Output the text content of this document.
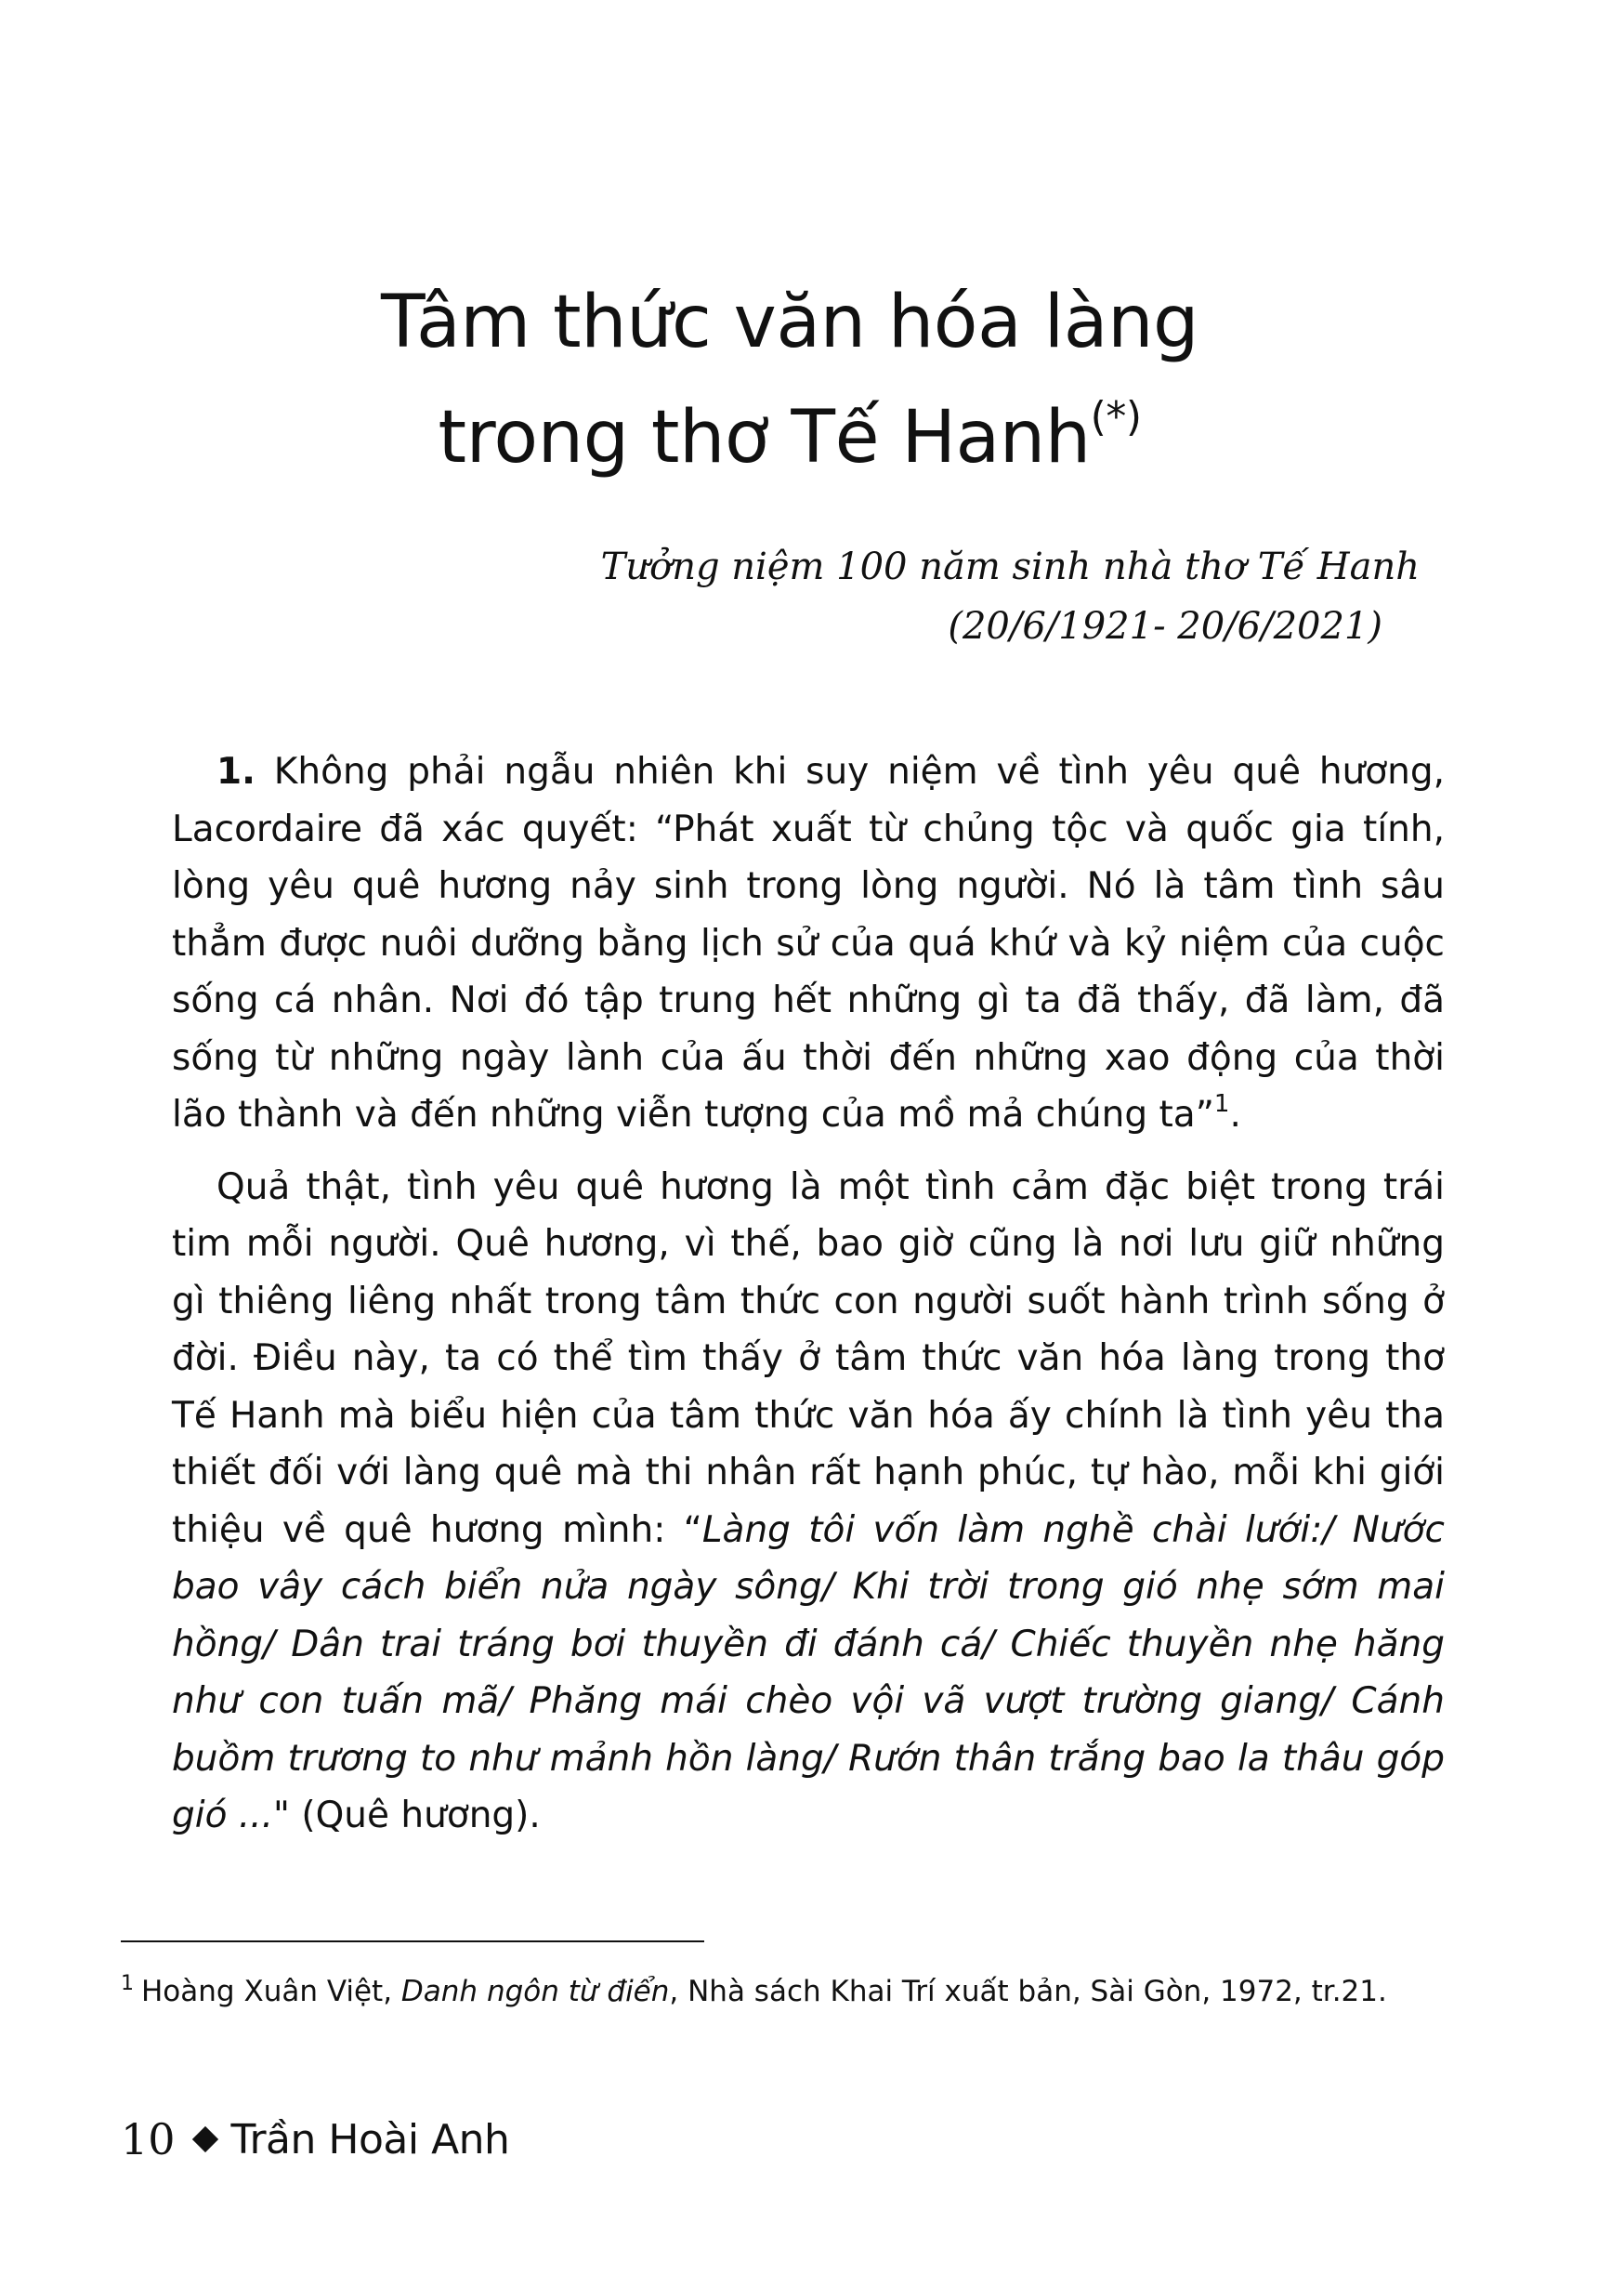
Tâm thức văn hóa làng
trong thơ Tế Hanh(*)
Tưởng niệm 100 năm sinh nhà thơ Tế Hanh
(20/6/1921- 20/6/2021)

1. Không phải ngẫu nhiên khi suy niệm về tình yêu quê hương, Lacordaire đã xác quyết: “Phát xuất từ chủng tộc và quốc gia tính, lòng yêu quê hương nảy sinh trong lòng người. Nó là tâm tình sâu thẳm được nuôi dưỡng bằng lịch sử của quá khứ và kỷ niệm của cuộc sống cá nhân. Nơi đó tập trung hết những gì ta đã thấy, đã làm, đã sống từ những ngày lành của ấu thời đến những xao động của thời lão thành và đến những viễn tượng của mồ mả chúng ta”$^1$.

Quả thật, tình yêu quê hương là một tình cảm đặc biệt trong trái tim mỗi người. Quê hương, vì thế, bao giờ cũng là nơi lưu giữ những gì thiêng liêng nhất trong tâm thức con người suốt hành trình sống ở đời. Điều này, ta có thể tìm thấy ở tâm thức văn hóa làng trong thơ Tế Hanh mà biểu hiện của tâm thức văn hóa ấy chính là tình yêu tha thiết đối với làng quê mà thi nhân rất hạnh phúc, tự hào, mỗi khi giới thiệu về quê hương mình: “Làng tôi vốn làm nghề chài lưới:/ Nước bao vây cách biển nửa ngày sông/ Khi trời trong gió nhẹ sớm mai hồng/ Dân trai tráng bơi thuyền đi đánh cá/ Chiếc thuyền nhẹ hăng như con tuấn mã/ Phăng mái chèo vội vã vượt trường giang/ Cánh buồm trương to như mảnh hồn làng/ Rướn thân trắng bao la thâu góp gió ..." (Quê hương).

$^1$ Hoàng Xuân Việt, Danh ngôn từ điển, Nhà sách Khai Trí xuất bản, Sài Gòn, 1972, tr.21.
10 Trần Hoài Anh
